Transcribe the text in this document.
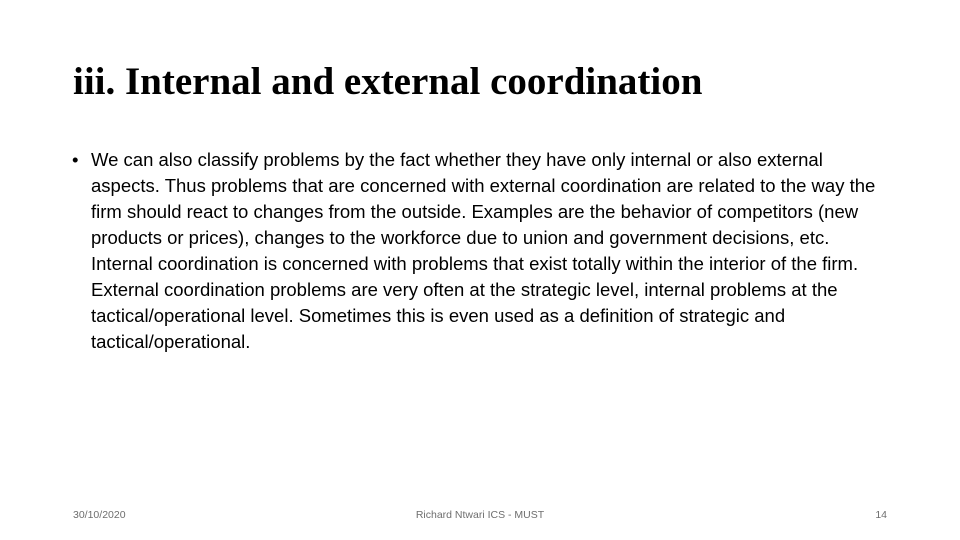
iii. Internal and external coordination
• We can also classify problems by the fact whether they have only internal or also external aspects. Thus problems that are concerned with external coordination are related to the way the firm should react to changes from the outside. Examples are the behavior of competitors (new products or prices), changes to the workforce due to union and government decisions, etc. Internal coordination is concerned with problems that exist totally within the interior of the firm. External coordination problems are very often at the strategic level, internal problems at the tactical/operational level. Sometimes this is even used as a definition of strategic and tactical/operational.
30/10/2020	Richard Ntwari ICS - MUST	14
